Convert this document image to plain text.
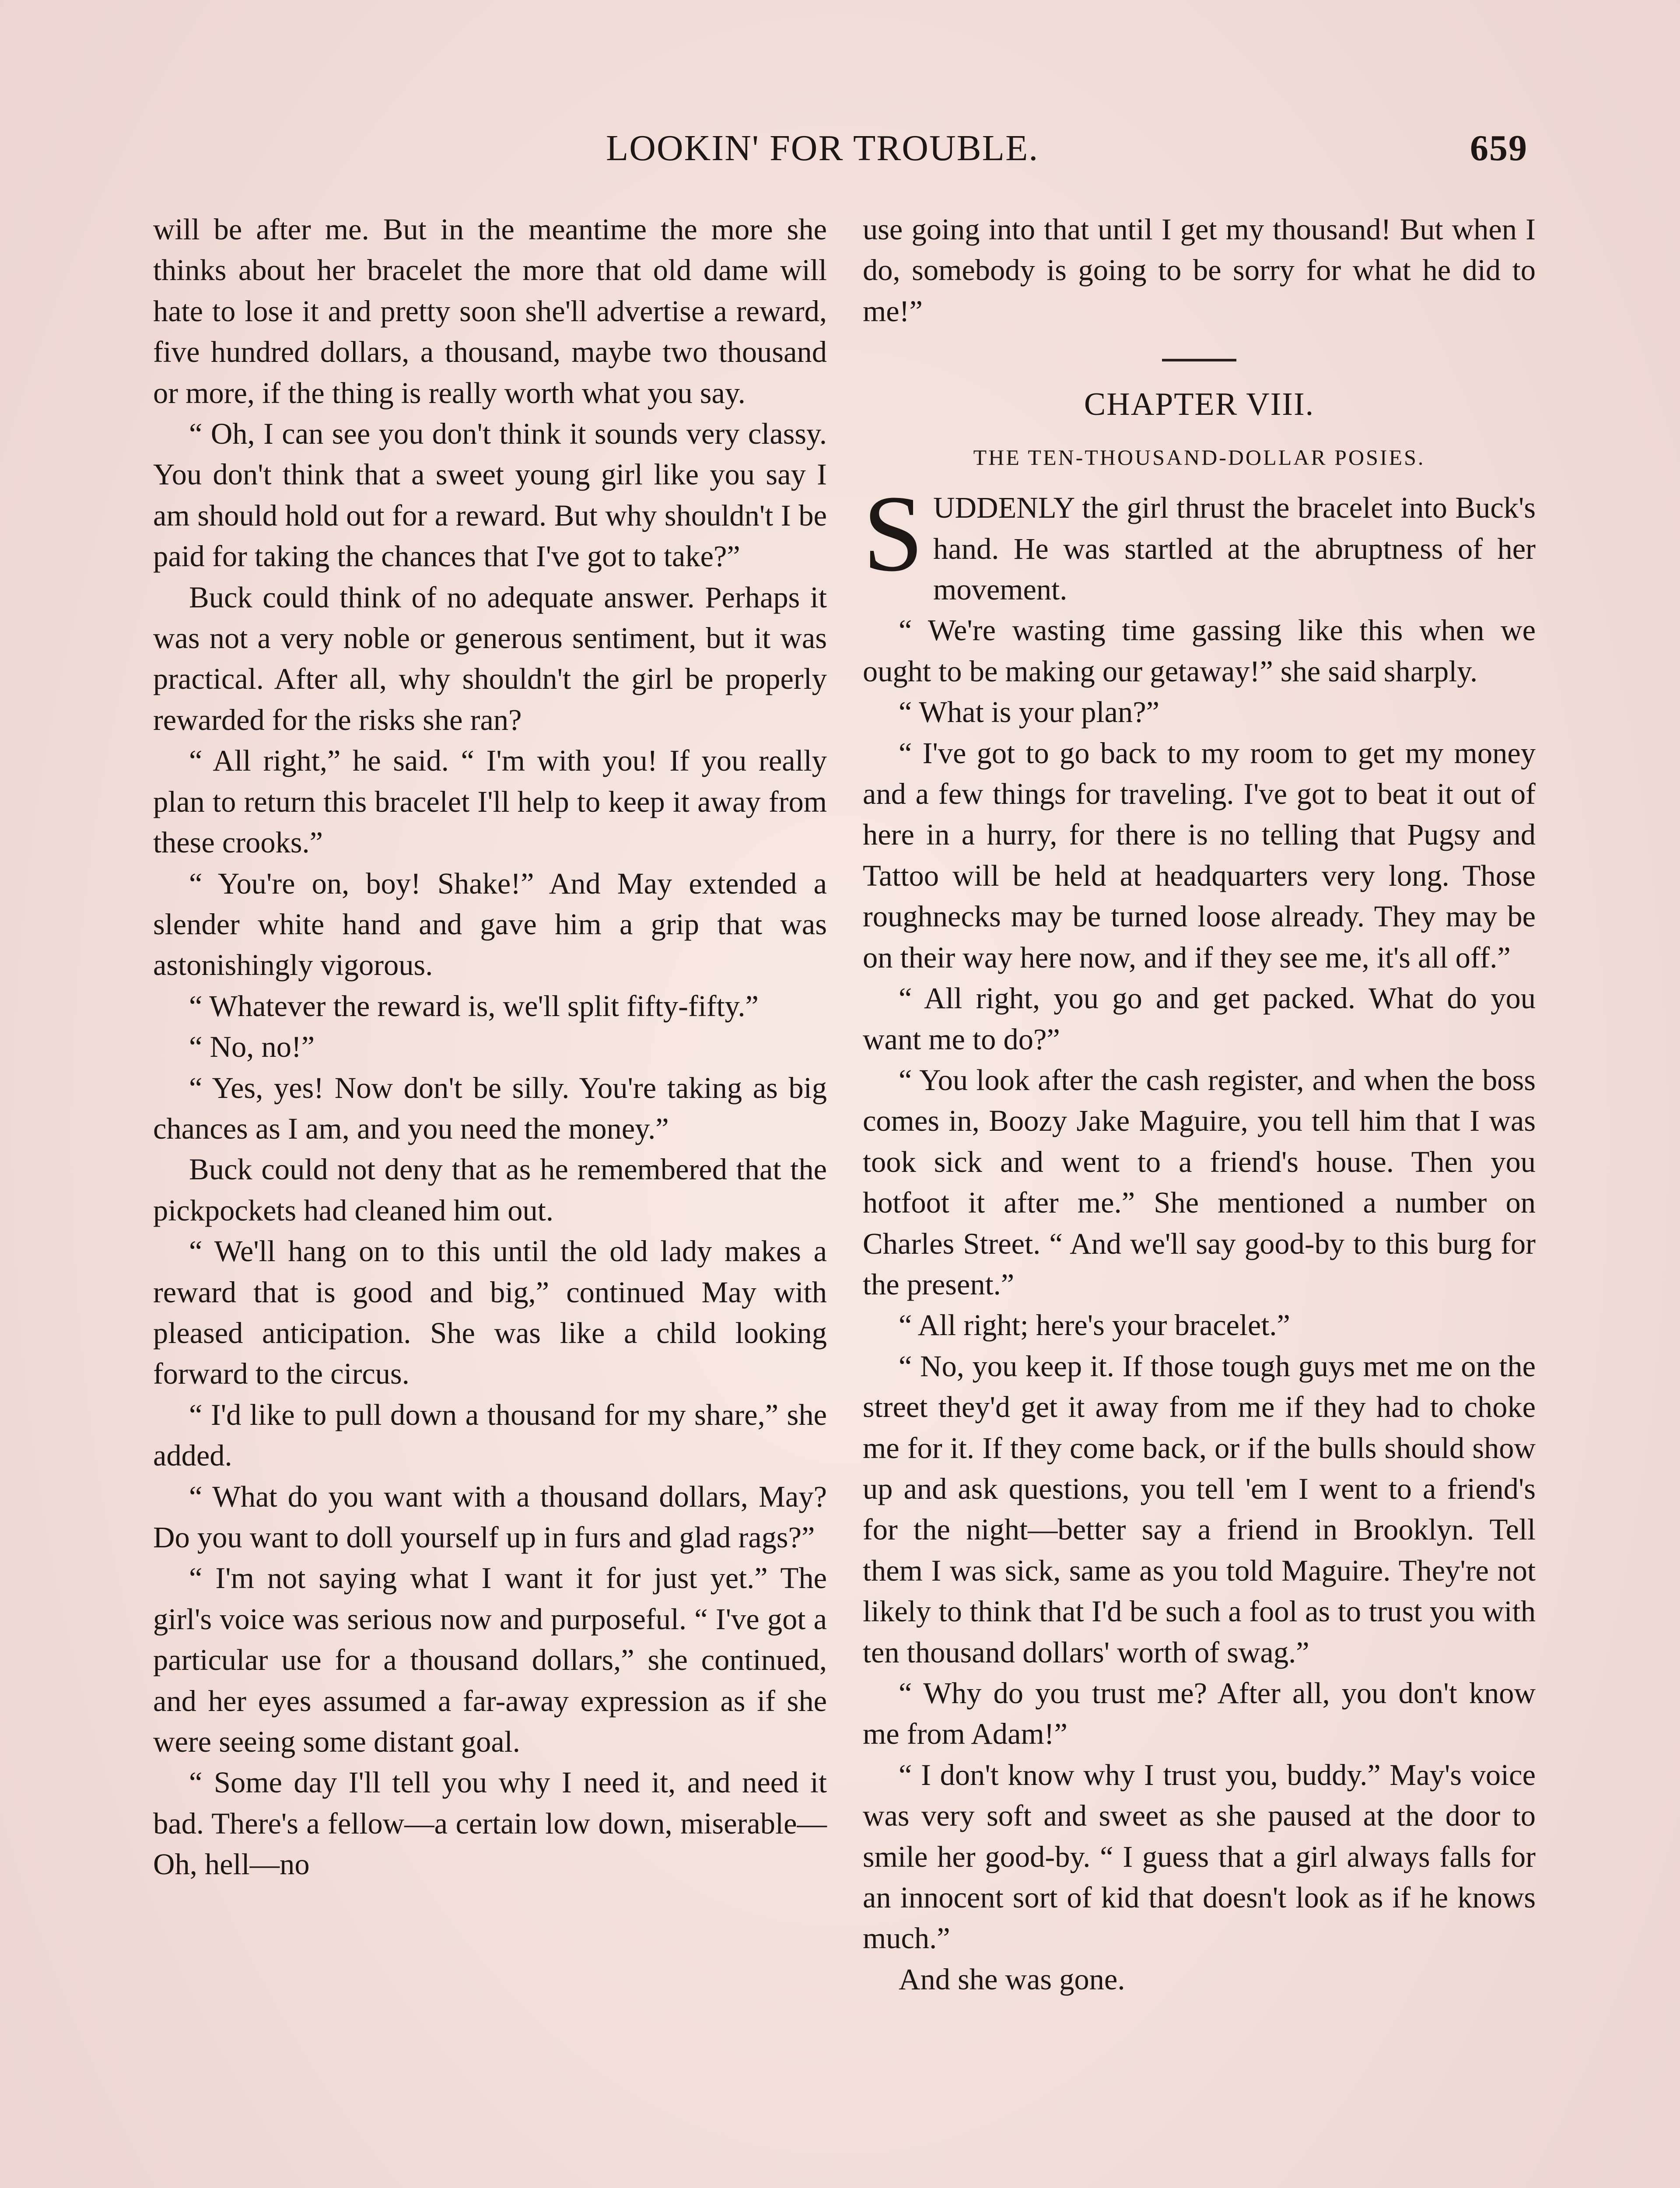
LOOKIN' FOR TROUBLE.	659

will be after me. But in the meantime the more she thinks about her bracelet the more that old dame will hate to lose it and pretty soon she'll advertise a reward, five hundred dollars, a thousand, maybe two thousand or more, if the thing is really worth what you say.

“ Oh, I can see you don't think it sounds very classy. You don't think that a sweet young girl like you say I am should hold out for a reward. But why shouldn't I be paid for taking the chances that I've got to take?”

Buck could think of no adequate answer. Perhaps it was not a very noble or generous sentiment, but it was practical. After all, why shouldn't the girl be properly rewarded for the risks she ran?

“ All right,” he said. “ I'm with you! If you really plan to return this bracelet I'll help to keep it away from these crooks.”

“ You're on, boy! Shake!” And May extended a slender white hand and gave him a grip that was astonishingly vigorous.

“ Whatever the reward is, we'll split fifty-fifty.”

“ No, no!”

“ Yes, yes! Now don't be silly. You're taking as big chances as I am, and you need the money.”

Buck could not deny that as he remembered that the pickpockets had cleaned him out.

“ We'll hang on to this until the old lady makes a reward that is good and big,” continued May with pleased anticipation. She was like a child looking forward to the circus.

“ I'd like to pull down a thousand for my share,” she added.

“ What do you want with a thousand dollars, May? Do you want to doll yourself up in furs and glad rags?”

“ I'm not saying what I want it for just yet.” The girl's voice was serious now and purposeful. “ I've got a particular use for a thousand dollars,” she continued, and her eyes assumed a far-away expression as if she were seeing some distant goal.

“ Some day I'll tell you why I need it, and need it bad. There's a fellow—a certain low down, miserable— Oh, hell—no

use going into that until I get my thousand! But when I do, somebody is going to be sorry for what he did to me!”

CHAPTER VIII.
THE TEN-THOUSAND-DOLLAR POSIES.

SUDDENLY the girl thrust the bracelet into Buck's hand. He was startled at the abruptness of her movement.

“ We're wasting time gassing like this when we ought to be making our getaway!” she said sharply.

“ What is your plan?”

“ I've got to go back to my room to get my money and a few things for traveling. I've got to beat it out of here in a hurry, for there is no telling that Pugsy and Tattoo will be held at headquarters very long. Those roughnecks may be turned loose already. They may be on their way here now, and if they see me, it's all off.”

“ All right, you go and get packed. What do you want me to do?”

“ You look after the cash register, and when the boss comes in, Boozy Jake Maguire, you tell him that I was took sick and went to a friend's house. Then you hotfoot it after me.” She mentioned a number on Charles Street. “ And we'll say good-by to this burg for the present.”

“ All right; here's your bracelet.”

“ No, you keep it. If those tough guys met me on the street they'd get it away from me if they had to choke me for it. If they come back, or if the bulls should show up and ask questions, you tell 'em I went to a friend's for the night—better say a friend in Brooklyn. Tell them I was sick, same as you told Maguire. They're not likely to think that I'd be such a fool as to trust you with ten thousand dollars' worth of swag.”

“ Why do you trust me? After all, you don't know me from Adam!”

“ I don't know why I trust you, buddy.” May's voice was very soft and sweet as she paused at the door to smile her good-by. “ I guess that a girl always falls for an innocent sort of kid that doesn't look as if he knows much.”

And she was gone.
